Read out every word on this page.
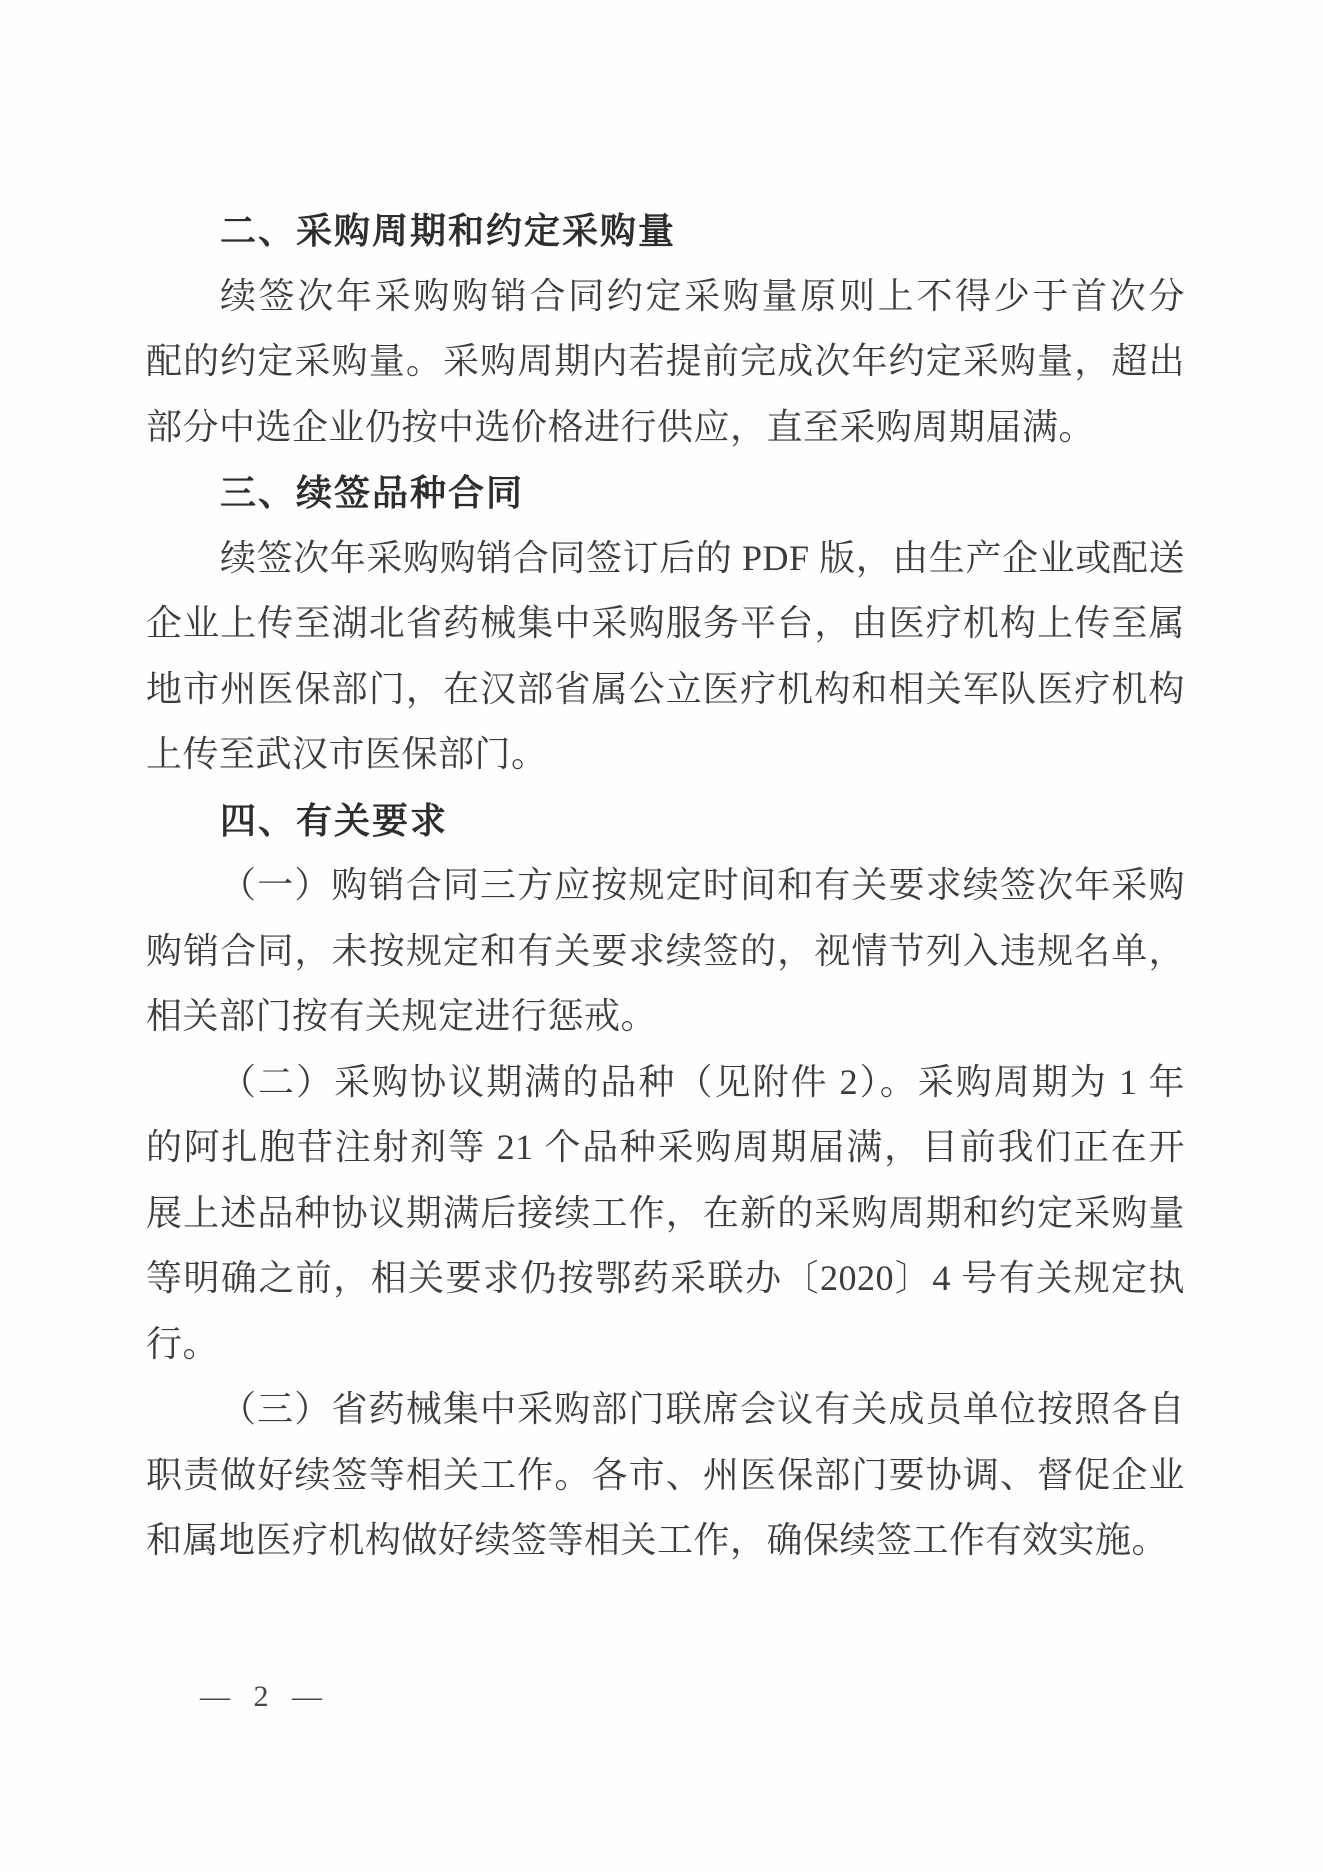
二、采购周期和约定采购量
续签次年采购购销合同约定采购量原则上不得少于首次分
配的约定采购量。采购周期内若提前完成次年约定采购量，超出
部分中选企业仍按中选价格进行供应，直至采购周期届满。
三、续签品种合同
续签次年采购购销合同签订后的 PDF 版，由生产企业或配送
企业上传至湖北省药械集中采购服务平台，由医疗机构上传至属
地市州医保部门，在汉部省属公立医疗机构和相关军队医疗机构
上传至武汉市医保部门。
四、有关要求
（一）购销合同三方应按规定时间和有关要求续签次年采购
购销合同，未按规定和有关要求续签的，视情节列入违规名单，
相关部门按有关规定进行惩戒。
（二）采购协议期满的品种（见附件 2）。采购周期为 1 年
的阿扎胞苷注射剂等 21 个品种采购周期届满，目前我们正在开
展上述品种协议期满后接续工作，在新的采购周期和约定采购量
等明确之前，相关要求仍按鄂药采联办〔2020〕4 号有关规定执
行。
（三）省药械集中采购部门联席会议有关成员单位按照各自
职责做好续签等相关工作。各市、州医保部门要协调、督促企业
和属地医疗机构做好续签等相关工作，确保续签工作有效实施。
— 2 —
